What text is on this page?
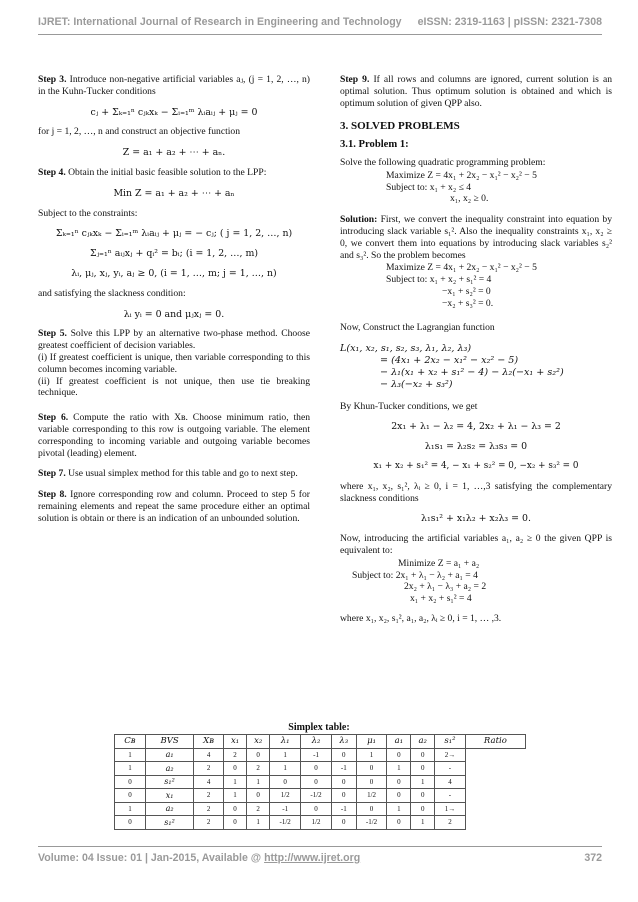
IJRET: International Journal of Research in Engineering and Technology eISSN: 2319-1163 | pISSN: 2321-7308

Step 3. Introduce non-negative artificial variables aⱼ, (j = 1, 2, …, n) in the Kuhn-Tucker conditions

cⱼ + Σₖ₌₁ⁿ cⱼₖxₖ − Σᵢ₌₁ᵐ λᵢaᵢⱼ + μⱼ = 0

for j = 1, 2, …, n and construct an objective function

Z = a₁ + a₂ + ⋯ + aₙ.

Step 4. Obtain the initial basic feasible solution to the LPP:

Min Z = a₁ + a₂ + ⋯ + aₙ

Subject to the constraints:

Σₖ₌₁ⁿ cⱼₖxₖ − Σᵢ₌₁ᵐ λᵢaᵢⱼ + μⱼ = − cⱼ; ( j = 1, 2, …, n)
Σⱼ₌₁ⁿ aᵢⱼxⱼ + qᵢ² = bᵢ; (i = 1, 2, …, m)
λᵢ, μⱼ, xⱼ, yᵢ, aⱼ ≥ 0, (i = 1, …, m; j = 1, …, n)

and satisfying the slackness condition:

λᵢ yᵢ = 0 and μⱼxⱼ = 0.

Step 5. Solve this LPP by an alternative two-phase method. Choose greatest coefficient of decision variables.

(i) If greatest coefficient is unique, then variable corresponding to this column becomes incoming variable.

(ii) If greatest coefficient is not unique, then use tie breaking technique.

Step 6. Compute the ratio with Xʙ. Choose minimum ratio, then variable corresponding to this row is outgoing variable. The element corresponding to incoming variable and outgoing variable becomes pivotal (leading) element.

Step 7. Use usual simplex method for this table and go to next step.

Step 8. Ignore corresponding row and column. Proceed to step 5 for remaining elements and repeat the same procedure either an optimal solution is obtain or there is an indication of an unbounded solution.

Step 9. If all rows and columns are ignored, current solution is an optimal solution. Thus optimum solution is obtained and which is optimum solution of given QPP also.

3. SOLVED PROBLEMS
3.1. Problem 1:

Solve the following quadratic programming problem:

Maximize Z = 4x₁ + 2x₂ − x₁² − x₂² − 5
Subject to: x₁ + x₂ ≤ 4
x₁, x₂ ≥ 0.

Solution: First, we convert the inequality constraint into equation by introducing slack variable s₁². Also the inequality constraints x₁, x₂ ≥ 0, we convert them into equations by introducing slack variables s₂² and s₃². So the problem becomes

Maximize Z = 4x₁ + 2x₂ − x₁² − x₂² − 5
Subject to: x₁ + x₂ + s₁² = 4
−x₁ + s₂² = 0
−x₂ + s₃² = 0.

Now, Construct the Lagrangian function

L(x₁, x₂, s₁, s₂, s₃, λ₁, λ₂, λ₃)
= (4x₁ + 2x₂ − x₁² − x₂² − 5)
− λ₁(x₁ + x₂ + s₁² − 4) − λ₂(−x₁ + s₂²)
− λ₃(−x₂ + s₃²)

By Khun-Tucker conditions, we get

2x₁ + λ₁ − λ₂ = 4, 2x₂ + λ₁ − λ₃ = 2
λ₁s₁ = λ₂s₂ = λ₃s₃ = 0
x₁ + x₂ + s₁² = 4, − x₁ + s₂² = 0, −x₂ + s₃² = 0

where x₁, x₂, s₁², λᵢ ≥ 0, i = 1, …,3 satisfying the complementary slackness conditions

λ₁s₁² + x₁λ₂ + x₂λ₃ = 0.

Now, introducing the artificial variables a₁, a₂ ≥ 0 the given QPP is equivalent to:

Minimize Z = a₁ + a₂
Subject to: 2x₁ + λ₁ − λ₂ + a₁ = 4
2x₂ + λ₁ − λ₃ + a₂ = 2
x₁ + x₂ + s₁² = 4

where x₁, x₂, s₁², a₁, a₂, λᵢ ≥ 0, i = 1, … ,3.

Simplex table:
Cʙ	BVS	Xʙ	x₁	x₂	λ₁	λ₂	λ₃	μ₁	a₁	a₂	s₁²	Ratio
1	a₁	4	2	0	1	-1	0	1	0	0	2→	
1	a₂	2	0	2	1	0	-1	0	1	0	-	
0	s₁²	4	1	1	0	0	0	0	0	1	4	
0	x₁	2	1	0	1/2	-1/2	0	1/2	0	0	-	
1	a₂	2	0	2	-1	0	-1	0	1	0	1→	
0	s₁²	2	0	1	-1/2	1/2	0	-1/2	0	1	2	
Volume: 04 Issue: 01 | Jan-2015, Available @ http://www.ijret.org	372
